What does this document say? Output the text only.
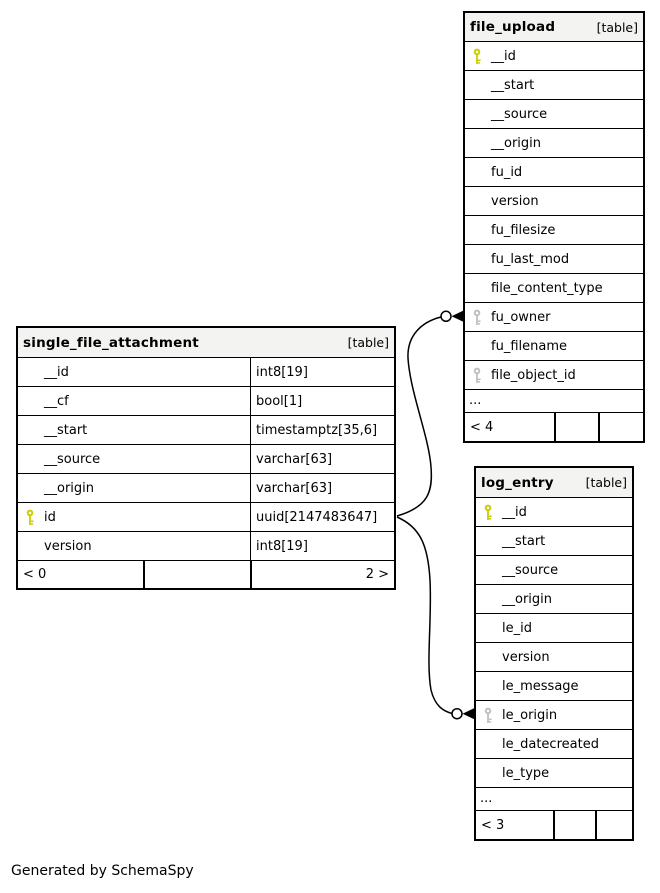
file_upload	[table]
__id
__start
__source
__origin
fu_id
version
fu_filesize
fu_last_mod
file_content_type
fu_owner
fu_filename
file_object_id
...
< 4
single_file_attachment	[table]
__id	int8[19]
__cf	bool[1]
__start	timestamptz[35,6]
__source	varchar[63]
__origin	varchar[63]
id	uuid[2147483647]
version	int8[19]
< 0	2 >
log_entry	[table]
__id
__start
__source
__origin
le_id
version
le_message
le_origin
le_datecreated
le_type
...
< 3
Generated by SchemaSpy
